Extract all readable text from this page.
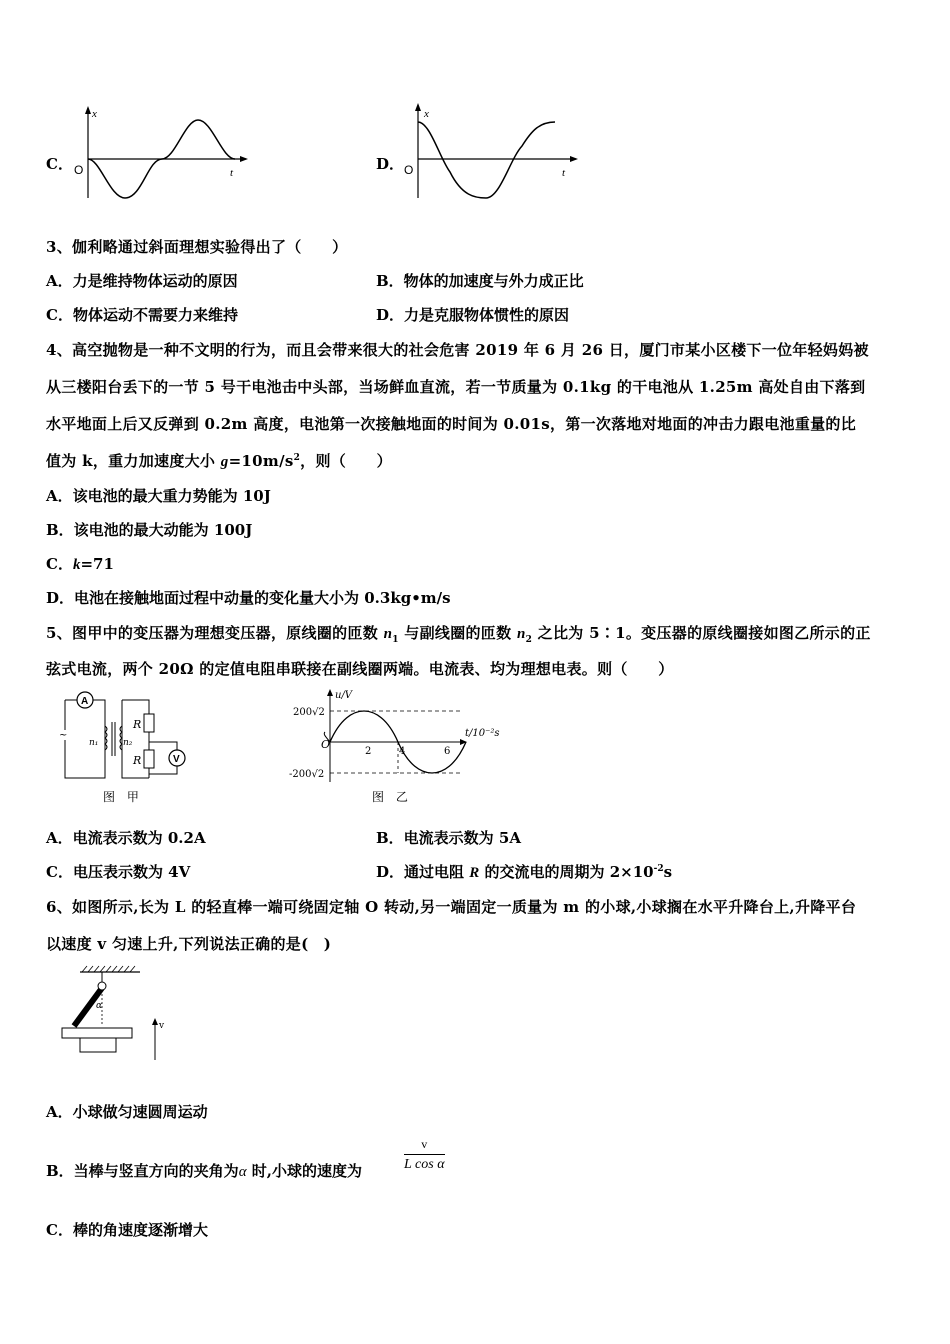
C．
x
t
O	D．
x
t
O
3、伽利略通过斜面理想实验得出了（　　）
A．力是维持物体运动的原因	B．物体的加速度与外力成正比
C．物体运动不需要力来维持	D．力是克服物体惯性的原因
4、高空抛物是一种不文明的行为，而且会带来很大的社会危害 2019 年 6 月 26 日，厦门市某小区楼下一位年轻妈妈被
从三楼阳台丢下的一节 5 号干电池击中头部，当场鲜血直流，若一节质量为 0.1kg 的干电池从 1.25m 高处自由下落到
水平地面上后又反弹到 0.2m 高度，电池第一次接触地面的时间为 0.01s，第一次落地对地面的冲击力跟电池重量的比
值为 k，重力加速度大小 $g=10m/s^2$，则（　　）
A．该电池的最大重力势能为 10J
B．该电池的最大动能为 100J
C．k=71
D．电池在接触地面过程中动量的变化量大小为 0.3kg•m/s
5、图甲中的变压器为理想变压器，原线圈的匝数 $n_1$ 与副线圈的匝数 $n_2$ 之比为 5∶1。变压器的原线圈接如图乙所示的正
弦式电流，两个 20Ω 的定值电阻串联接在副线圈两端。电流表、均为理想电表。则（　　）
A
~
n₁	n₂
R
R	V
图 甲
u/V
t/10⁻²s
O
200√2
-200√2
2	4	6
图 乙
A．电流表示数为 0.2A	B．电流表示数为 5A
C．电压表示数为 4V	D．通过电阻 R 的交流电的周期为 $2\times 10^{-2}s$
6、如图所示,长为 L 的轻直棒一端可绕固定轴 O 转动,另一端固定一质量为 m 的小球,小球搁在水平升降台上,升降平台
以速度 v 匀速上升,下列说法正确的是(　)
α
v
A．小球做匀速圆周运动
B．当棒与竖直方向的夹角为α 时,小球的速度为	$\frac{v}{\text{L cos α}}$
C．棒的角速度逐渐增大
